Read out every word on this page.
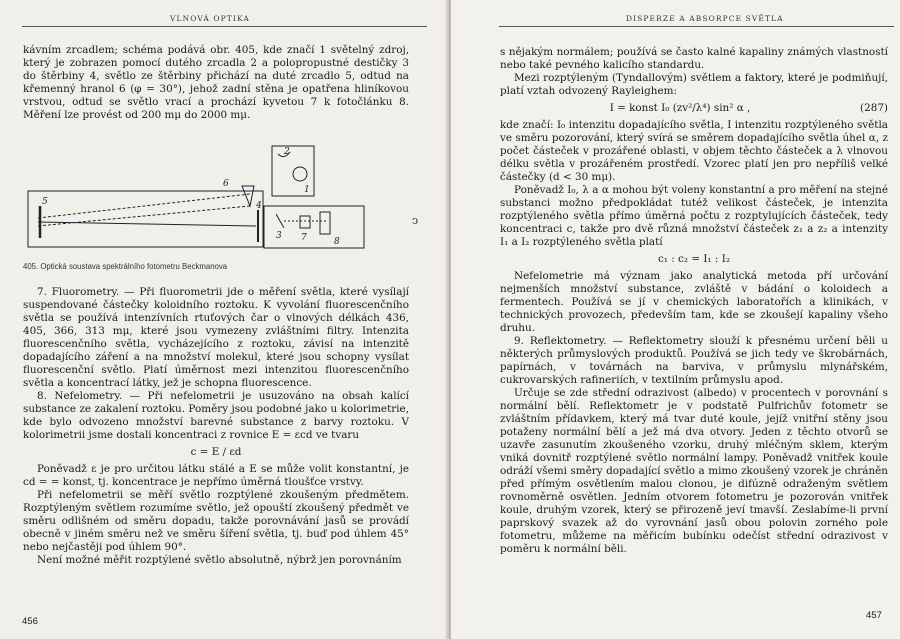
VLNOVÁ OPTIKA

kávním zrcadlem; schéma podává obr. 405, kde značí 1 světelný zdroj, který je zobrazen pomocí dutého zrcadla 2 a polopropustné destičky 3 do štěrbiny 4, světlo ze štěrbiny přichází na duté zrcadlo 5, odtud na křemenný hranol 6 (φ = 30°), jehož zadní stěna je opatřena hliníkovou vrstvou, odtud se světlo vrací a prochází kyvetou 7 k fotočlánku 8. Měření lze provést od 200 mμ do 2000 mμ.

2
1
6
5	4
3 7	8
405. Optická soustava spektrálního fotometru Beckmanova

7. Fluorometry. — Při fluorometrii jde o měření světla, které vysílají suspendované částečky koloidního roztoku. K vyvolání fluorescenčního světla se používá intenzívních rtuťových čar o vlnových délkách 436, 405, 366, 313 mμ, které jsou vymezeny zvláštními filtry. Intenzita fluorescenčního světla, vycházejícího z roztoku, závisí na intenzitě dopadajícího záření a na množství molekul, které jsou schopny vysílat fluorescenční světlo. Platí úměrnost mezi intenzitou fluorescenčního světla a koncentrací látky, jež je schopna fluorescence.

8. Nefelometry. — Při nefelometrii je usuzováno na obsah kalící substance ze zakalení roztoku. Poměry jsou podobné jako u kolorimetrie, kde bylo odvozeno množství barevné substance z barvy roztoku. V kolorimetrii jsme dostali koncentraci z rovnice E = εcd ve tvaru

c = E / εd

Poněvadž ε je pro určitou látku stálé a E se může volit konstantní, je cd = = konst, tj. koncentrace je nepřímo úměrná tloušťce vrstvy.

Při nefelometrii se měří světlo rozptýlené zkoušeným předmětem. Rozptýleným světlem rozumíme světlo, jež opouští zkoušený předmět ve směru odlišném od směru dopadu, takže porovnávání jasů se provádí obecně v jiném směru než ve směru šíření světla, tj. buď pod úhlem 45° nebo nejčastěji pod úhlem 90°.

Není možné měřit rozptýlené světlo absolutně, nýbrž jen porovnáním

456
DISPERZE A ABSORPCE SVĚTLA
ↄ

s nějakým normálem; používá se často kalné kapaliny známých vlastností nebo také pevného kalicího standardu.

Mezi rozptýleným (Tyndallovým) světlem a faktory, které je podmiňují, platí vztah odvozený Rayleighem:

I = konst I₀ (zv²/λ⁴) sin² α ,	(287)

kde značí: I₀ intenzitu dopadajícího světla, I intenzitu rozptýleného světla ve směru pozorování, který svírá se směrem dopadajícího světla úhel α, z počet částeček v prozářené oblasti, v objem těchto částeček a λ vlnovou délku světla v prozářeném prostředí. Vzorec platí jen pro nepříliš velké částečky (d < 30 mμ).

Poněvadž I₀, λ a α mohou být voleny konstantní a pro měření na stejné substanci možno předpokládat tutéž velikost částeček, je intenzita rozptýleného světla přímo úměrná počtu z rozptylujících částeček, tedy koncentraci c, takže pro dvě různá množství částeček z₁ a z₂ a intenzity I₁ a I₂ rozptýleného světla platí

c₁ : c₂ = I₁ : I₂

Nefelometrie má význam jako analytická metoda pří určování nejmenších množství substance, zvláště v bádání o koloidech a fermentech. Používá se jí v chemických laboratořích a klinikách, v technických provozech, především tam, kde se zkoušejí kapaliny všeho druhu.

9. Reflektometry. — Reflektometry slouží k přesnému určení běli u některých průmyslových produktů. Používá se jich tedy ve škrobárnách, papírnách, v továrnách na barviva, v průmyslu mlynářském, cukrovarských rafineriích, v textilním průmyslu apod.

Určuje se zde střední odrazivost (albedo) v procentech v porovnání s normální bělí. Reflektometr je v podstatě Pulfrichův fotometr se zvláštním přídavkem, který má tvar duté koule, jejíž vnitřní stěny jsou potaženy normální bělí a jež má dva otvory. Jeden z těchto otvorů se uzavře zasunutím zkoušeného vzorku, druhý mléčným sklem, kterým vniká dovnitř rozptýlené světlo normální lampy. Poněvadž vnitřek koule odráží všemi směry dopadající světlo a mimo zkoušený vzorek je chráněn před přímým osvětlením malou clonou, je difúzně odraženým světlem rovnoměrně osvětlen. Jedním otvorem fotometru je pozorován vnitřek koule, druhým vzorek, který se přirozeně jeví tmavší. Zeslabíme-li první paprskový svazek až do vyrovnání jasů obou polovin zorného pole fotometru, můžeme na měřicím bubínku odečíst střední odrazivost v poměru k normální běli.

457
